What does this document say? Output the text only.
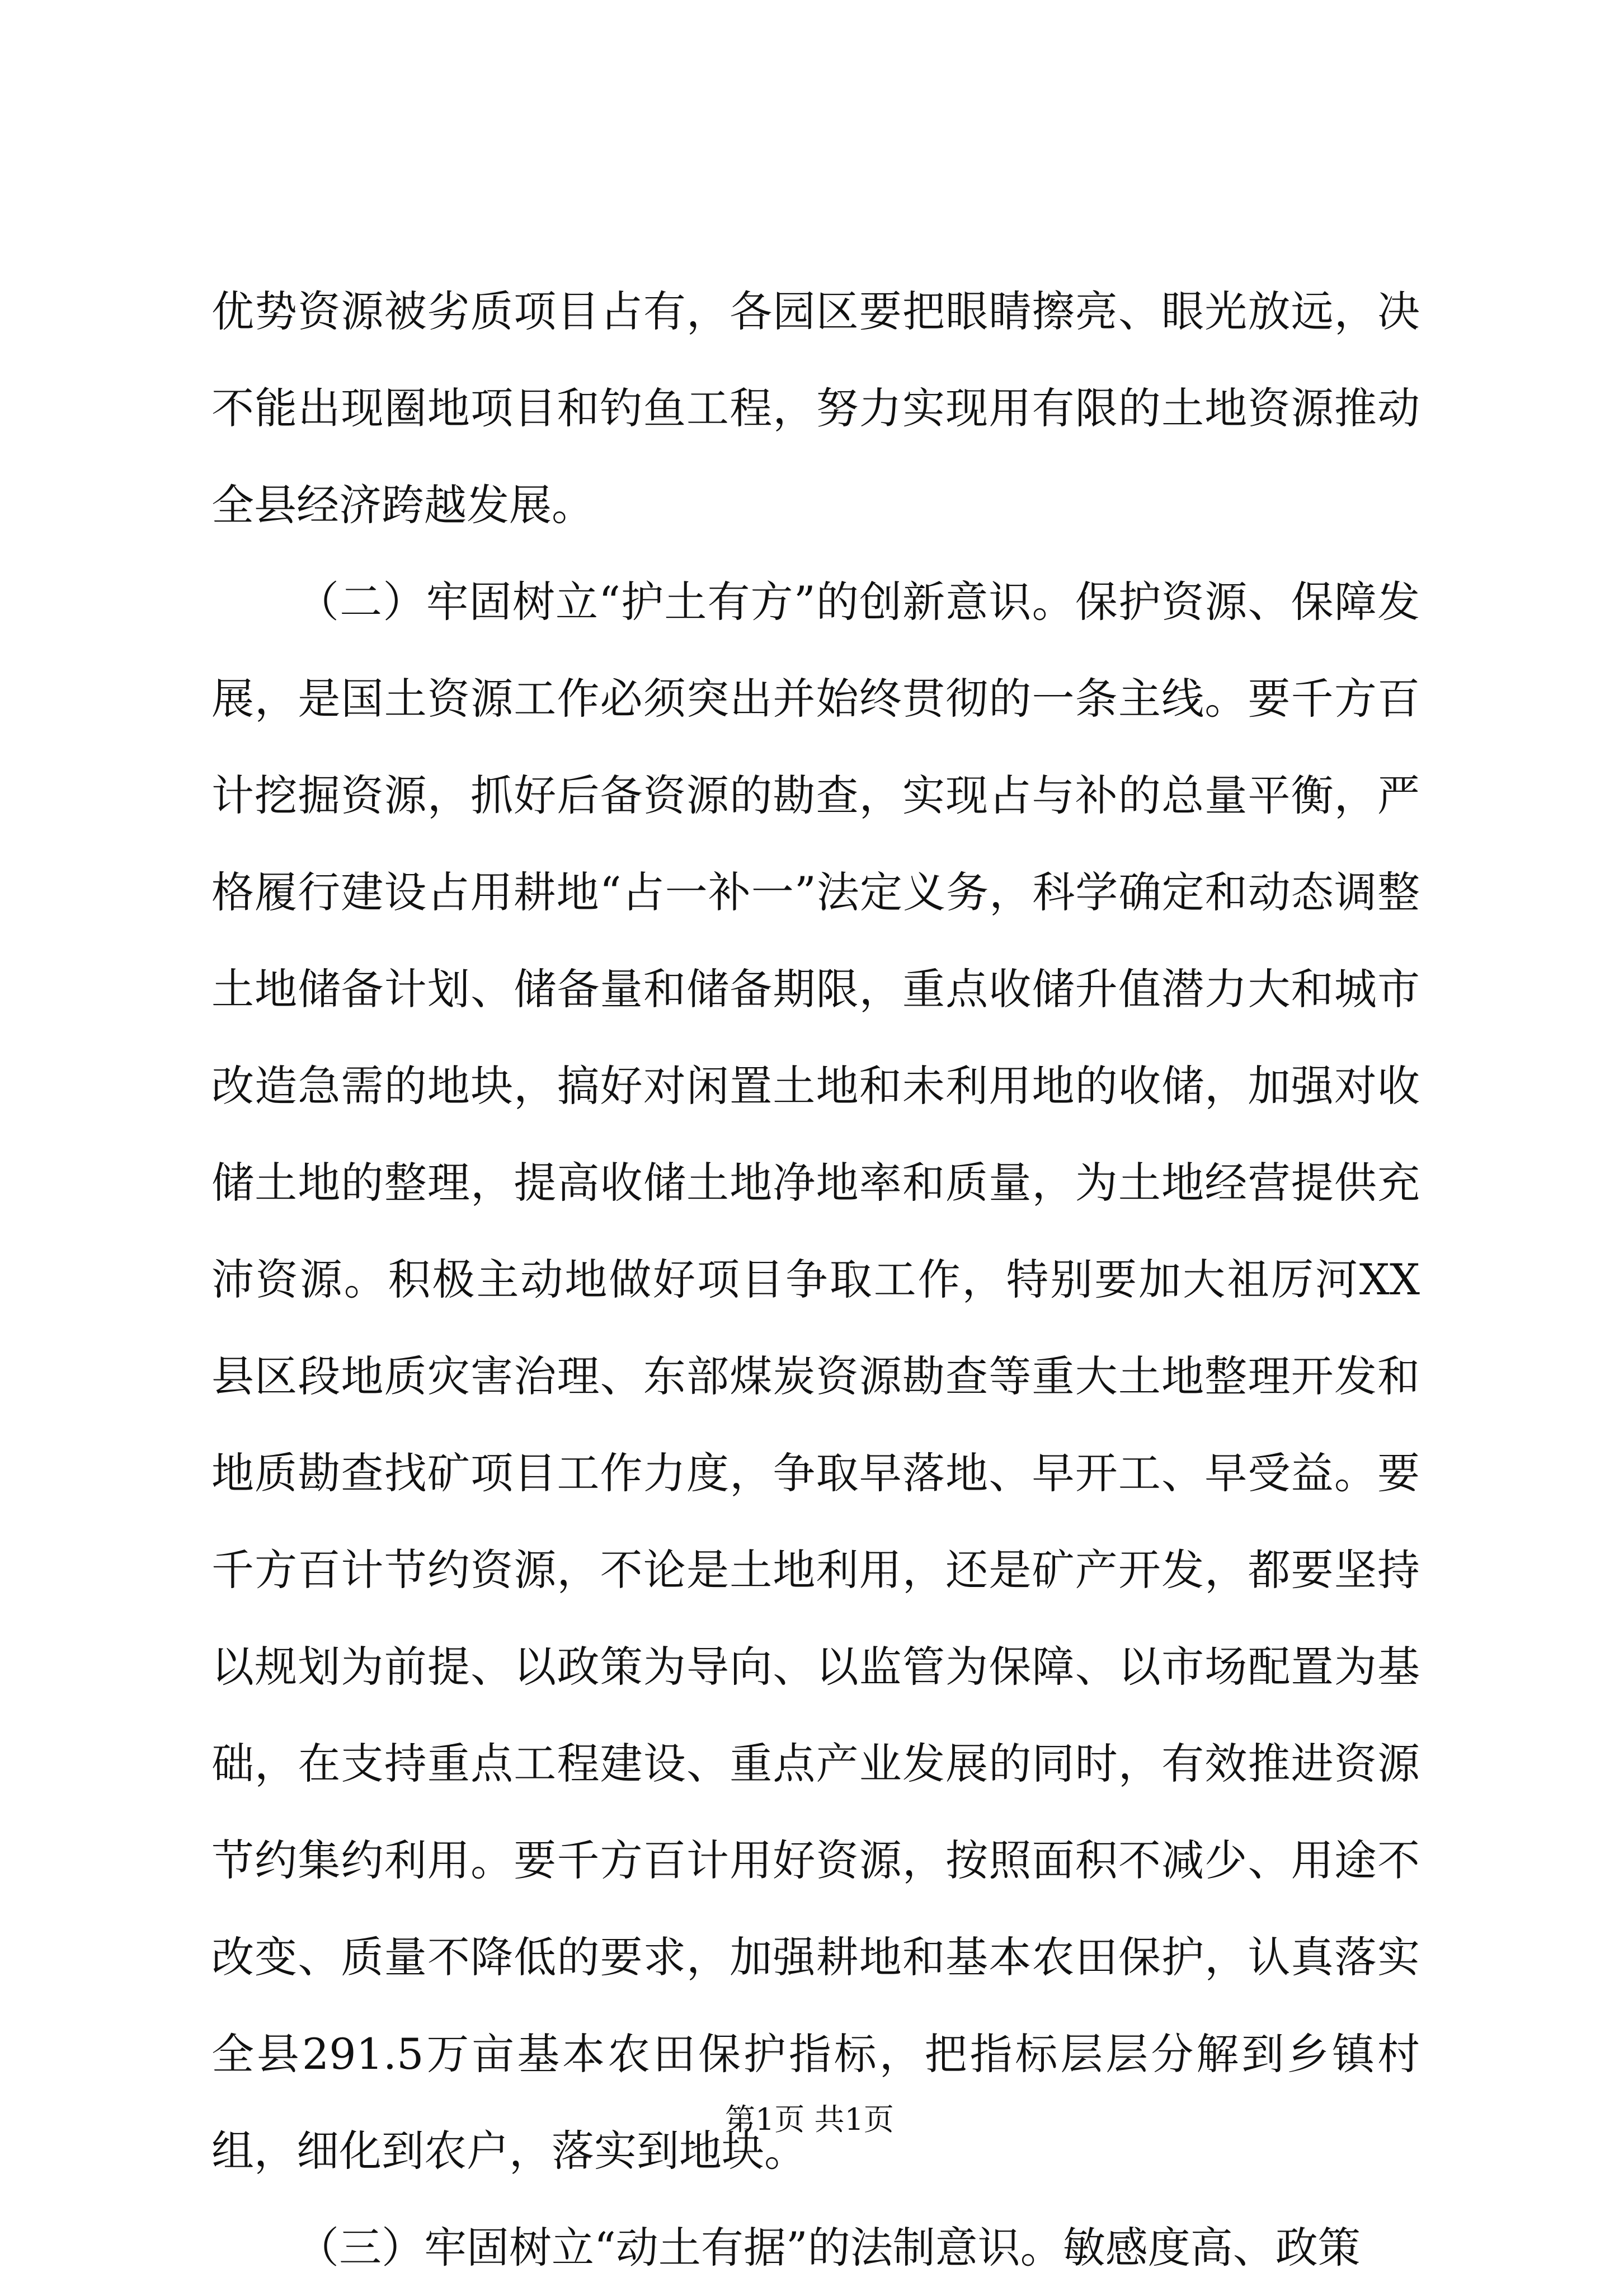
优势资源被劣质项目占有，各园区要把眼睛擦亮、眼光放远，决不能出现圈地项目和钓鱼工程，努力实现用有限的土地资源推动全县经济跨越发展。

（二）牢固树立“护土有方”的创新意识。保护资源、保障发展，是国土资源工作必须突出并始终贯彻的一条主线。要千方百计挖掘资源，抓好后备资源的勘查，实现占与补的总量平衡，严格履行建设占用耕地“占一补一”法定义务，科学确定和动态调整土地储备计划、储备量和储备期限，重点收储升值潜力大和城市改造急需的地块，搞好对闲置土地和未利用地的收储，加强对收储土地的整理，提高收储土地净地率和质量，为土地经营提供充沛资源。积极主动地做好项目争取工作，特别要加大祖厉河XX县区段地质灾害治理、东部煤炭资源勘查等重大土地整理开发和地质勘查找矿项目工作力度，争取早落地、早开工、早受益。要千方百计节约资源，不论是土地利用，还是矿产开发，都要坚持以规划为前提、以政策为导向、以监管为保障、以市场配置为基础，在支持重点工程建设、重点产业发展的同时，有效推进资源节约集约利用。要千方百计用好资源，按照面积不减少、用途不改变、质量不降低的要求，加强耕地和基本农田保护，认真落实全县291.5万亩基本农田保护指标，把指标层层分解到乡镇村组，细化到农户，落实到地块。

（三）牢固树立“动土有据”的法制意识。敏感度高、政策

第1页 共1页
